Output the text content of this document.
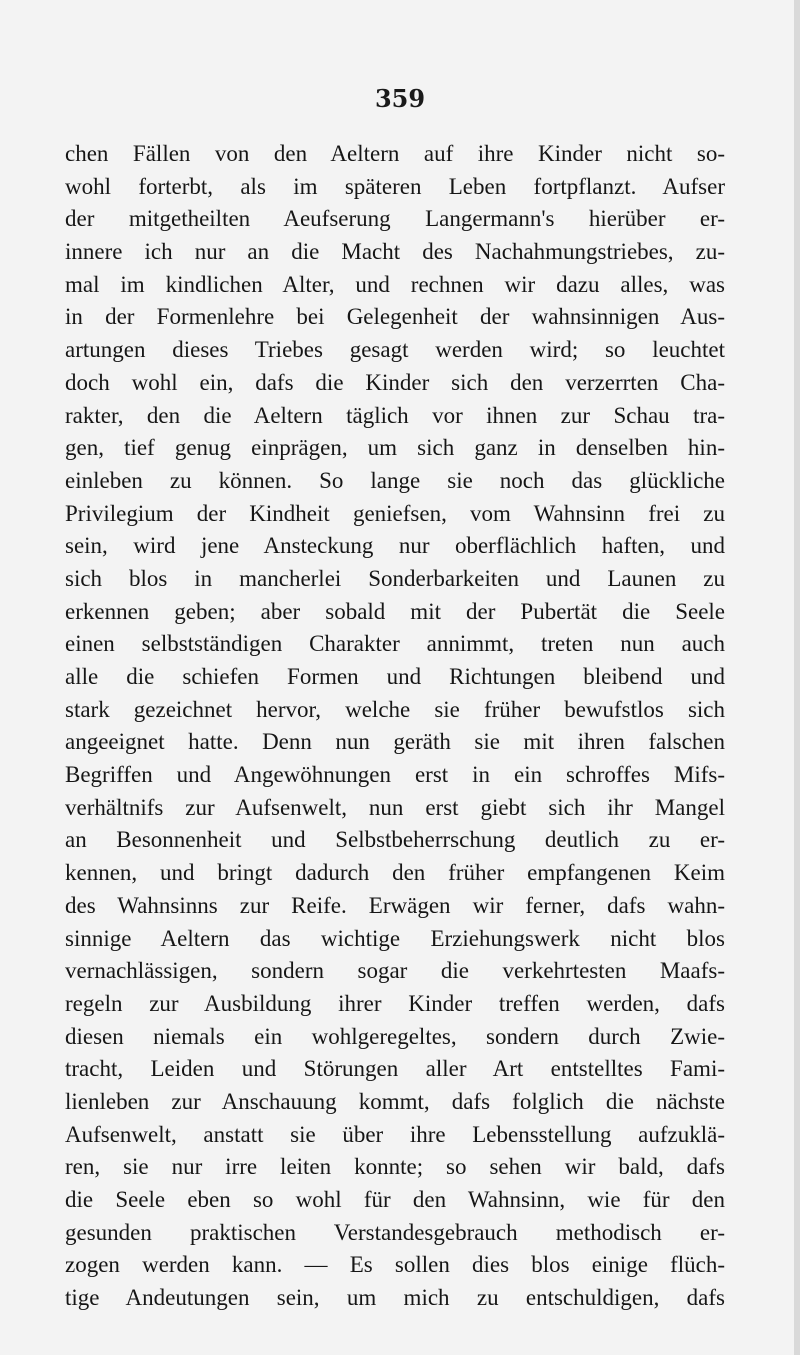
359
chen Fällen von den Aeltern auf ihre Kinder nicht so-
wohl forterbt, als im späteren Leben fortpflanzt. Aufser
der mitgetheilten Aeufserung Langermann's hierüber er-
innere ich nur an die Macht des Nachahmungstriebes, zu-
mal im kindlichen Alter, und rechnen wir dazu alles, was
in der Formenlehre bei Gelegenheit der wahnsinnigen Aus-
artungen dieses Triebes gesagt werden wird; so leuchtet
doch wohl ein, dafs die Kinder sich den verzerrten Cha-
rakter, den die Aeltern täglich vor ihnen zur Schau tra-
gen, tief genug einprägen, um sich ganz in denselben hin-
einleben zu können. So lange sie noch das glückliche
Privilegium der Kindheit geniefsen, vom Wahnsinn frei zu
sein, wird jene Ansteckung nur oberflächlich haften, und
sich blos in mancherlei Sonderbarkeiten und Launen zu
erkennen geben; aber sobald mit der Pubertät die Seele
einen selbstständigen Charakter annimmt, treten nun auch
alle die schiefen Formen und Richtungen bleibend und
stark gezeichnet hervor, welche sie früher bewufstlos sich
angeeignet hatte. Denn nun geräth sie mit ihren falschen
Begriffen und Angewöhnungen erst in ein schroffes Mifs-
verhältnifs zur Aufsenwelt, nun erst giebt sich ihr Mangel
an Besonnenheit und Selbstbeherrschung deutlich zu er-
kennen, und bringt dadurch den früher empfangenen Keim
des Wahnsinns zur Reife. Erwägen wir ferner, dafs wahn-
sinnige Aeltern das wichtige Erziehungswerk nicht blos
vernachlässigen, sondern sogar die verkehrtesten Maafs-
regeln zur Ausbildung ihrer Kinder treffen werden, dafs
diesen niemals ein wohlgeregeltes, sondern durch Zwie-
tracht, Leiden und Störungen aller Art entstelltes Fami-
lienleben zur Anschauung kommt, dafs folglich die nächste
Aufsenwelt, anstatt sie über ihre Lebensstellung aufzuklä-
ren, sie nur irre leiten konnte; so sehen wir bald, dafs
die Seele eben so wohl für den Wahnsinn, wie für den
gesunden praktischen Verstandesgebrauch methodisch er-
zogen werden kann. — Es sollen dies blos einige flüch-
tige Andeutungen sein, um mich zu entschuldigen, dafs
